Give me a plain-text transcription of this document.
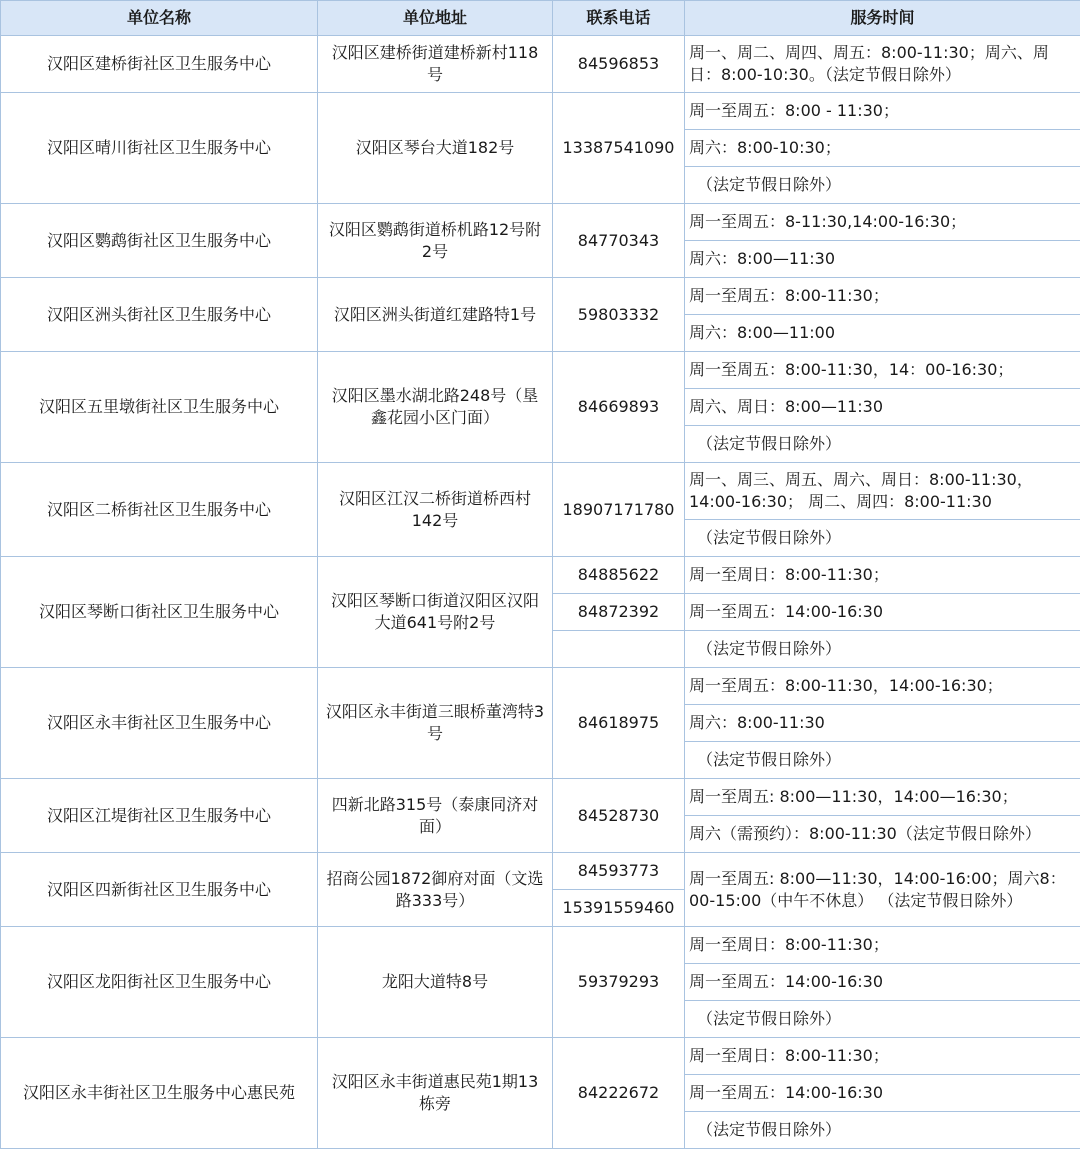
单位名称	单位地址	联系电话	服务时间
汉阳区建桥街社区卫生服务中心	汉阳区建桥街道建桥新村118号	84596853	周一、周二、周四、周五：8:00-11:30；周六、周日：8:00-10:30。（法定节假日除外）
汉阳区晴川街社区卫生服务中心	汉阳区琴台大道182号	13387541090	周一至周五：8:00 - 11:30；
			周六：8:00-10:30；
			（法定节假日除外）
汉阳区鹦鹉街社区卫生服务中心	汉阳区鹦鹉街道桥机路12号附2号	84770343	周一至周五：8-11:30,14:00-16:30；
			周六：8:00—11:30
汉阳区洲头街社区卫生服务中心	汉阳区洲头街道红建路特1号	59803332	周一至周五：8:00-11:30；
			周六：8:00—11:00
汉阳区五里墩街社区卫生服务中心	汉阳区墨水湖北路248号（垦鑫花园小区门面）	84669893	周一至周五：8:00-11:30，14：00-16:30；
			周六、周日：8:00—11:30
			（法定节假日除外）
汉阳区二桥街社区卫生服务中心	汉阳区江汉二桥街道桥西村142号	18907171780	周一、周三、周五、周六、周日：8:00-11:30，14:00-16:30； 周二、周四：8:00-11:30
			（法定节假日除外）
汉阳区琴断口街社区卫生服务中心	汉阳区琴断口街道汉阳区汉阳大道641号附2号	84885622	周一至周日：8:00-11:30；
		84872392	周一至周五：14:00-16:30
			（法定节假日除外）
汉阳区永丰街社区卫生服务中心	汉阳区永丰街道三眼桥董湾特3号	84618975	周一至周五：8:00-11:30，14:00-16:30；
			周六：8:00-11:30
			（法定节假日除外）
汉阳区江堤街社区卫生服务中心	四新北路315号（泰康同济对面）	84528730	周一至周五: 8:00—11:30，14:00—16:30；
			周六（需预约）：8:00-11:30（法定节假日除外）
汉阳区四新街社区卫生服务中心	招商公园1872御府对面（文选路333号）	84593773	周一至周五: 8:00—11:30，14:00-16:00；周六8：00-15:00（中午不休息） （法定节假日除外）
		15391559460	
汉阳区龙阳街社区卫生服务中心	龙阳大道特8号	59379293	周一至周日：8:00-11:30；
			周一至周五：14:00-16:30
			（法定节假日除外）
汉阳区永丰街社区卫生服务中心惠民苑	汉阳区永丰街道惠民苑1期13栋旁	84222672	周一至周日：8:00-11:30；
			周一至周五：14:00-16:30
			（法定节假日除外）
